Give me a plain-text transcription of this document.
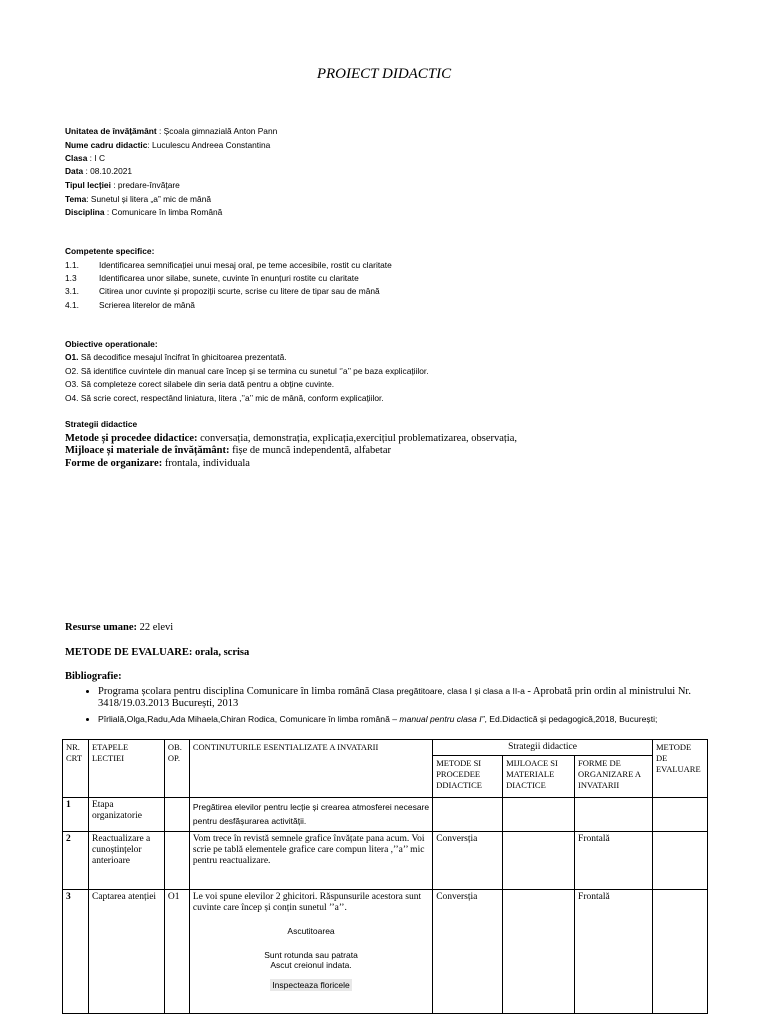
PROIECT DIDACTIC
Unitatea de învățământ : Școala gimnazială Anton Pann
Nume cadru didactic: Luculescu Andreea Constantina
Clasa : I C
Data : 08.10.2021
Tipul lecției : predare-învățare
Tema: Sunetul și litera „a” mic de mână
Disciplina : Comunicare în limba Română
Competente specifice:
1.1. Identificarea semnificației unui mesaj oral, pe teme accesibile, rostit cu claritate
1.3	Identificarea unor silabe, sunete, cuvinte în enunțuri rostite cu claritate
3.1. Citirea unor cuvinte și propoziții scurte, scrise cu litere de tipar sau de mână
4.1. Scrierea literelor de mână
Obiective operationale:
O1. Să decodifice mesajul încifrat în ghicitoarea prezentată.
O2. Să identifice cuvintele din manual care încep și se termina cu sunetul ‘’a’’ pe baza explicațiilor.
O3. Să completeze corect silabele din seria dată pentru a obține cuvinte.
O4. Să scrie corect, respectând liniatura, litera ,’’a’’ mic de mână, conform explicațiilor.
Strategii didactice
Metode și procedee didactice: conversația, demonstrația, explicația,exercițiul problematizarea, observația,
Mijloace și materiale de învățământ: fișe de muncă independentă, alfabetar
Forme de organizare: frontala, individuala
Resurse umane: 22 elevi
METODE DE EVALUARE: orala, scrisa
Bibliografie:
• Programa școlara pentru disciplina Comunicare în limba română Clasa pregătitoare, clasa I și clasa a II-a - Aprobată prin ordin al ministrului Nr. 3418/19.03.2013 București, 2013
• Pîrlială,Olga,Radu,Ada Mihaela,Chiran Rodica, Comunicare în limba română – manual pentru clasa I”, Ed.Didactică și pedagogică,2018, București;
NR. CRT	ETAPELE LECTIEI	OB. OP.	CONTINUTURILE ESENTIALIZATE A INVATARII	Strategii didactice			METODE DE EVALUARE
				METODE SI PROCEDEE DDIACTICE	MIJLOACE SI MATERIALE DIACTICE	FORME DE ORGANIZARE A INVATARII	
1	Etapa organizatorie		Pregătirea elevilor pentru lecție și crearea atmosferei necesare pentru desfășurarea activității.				
2	Reactualizare a cunoștințelor anterioare		Vom trece în revistă semnele grafice învățate pana acum. Voi scrie pe tablă elementele grafice care compun litera ,’’a’’ mic pentru reactualizare.	Conversția		Frontală	
3	Captarea atenției	O1	Le voi spune elevilor 2 ghicitori. Răspunsurile acestora sunt cuvinte care încep și conțin sunetul ’’a’’.
Ascutitoarea
Sunt rotunda sau patrata
Ascut creionul indata.
Inspecteaza floricele	Conversția		Frontală	
